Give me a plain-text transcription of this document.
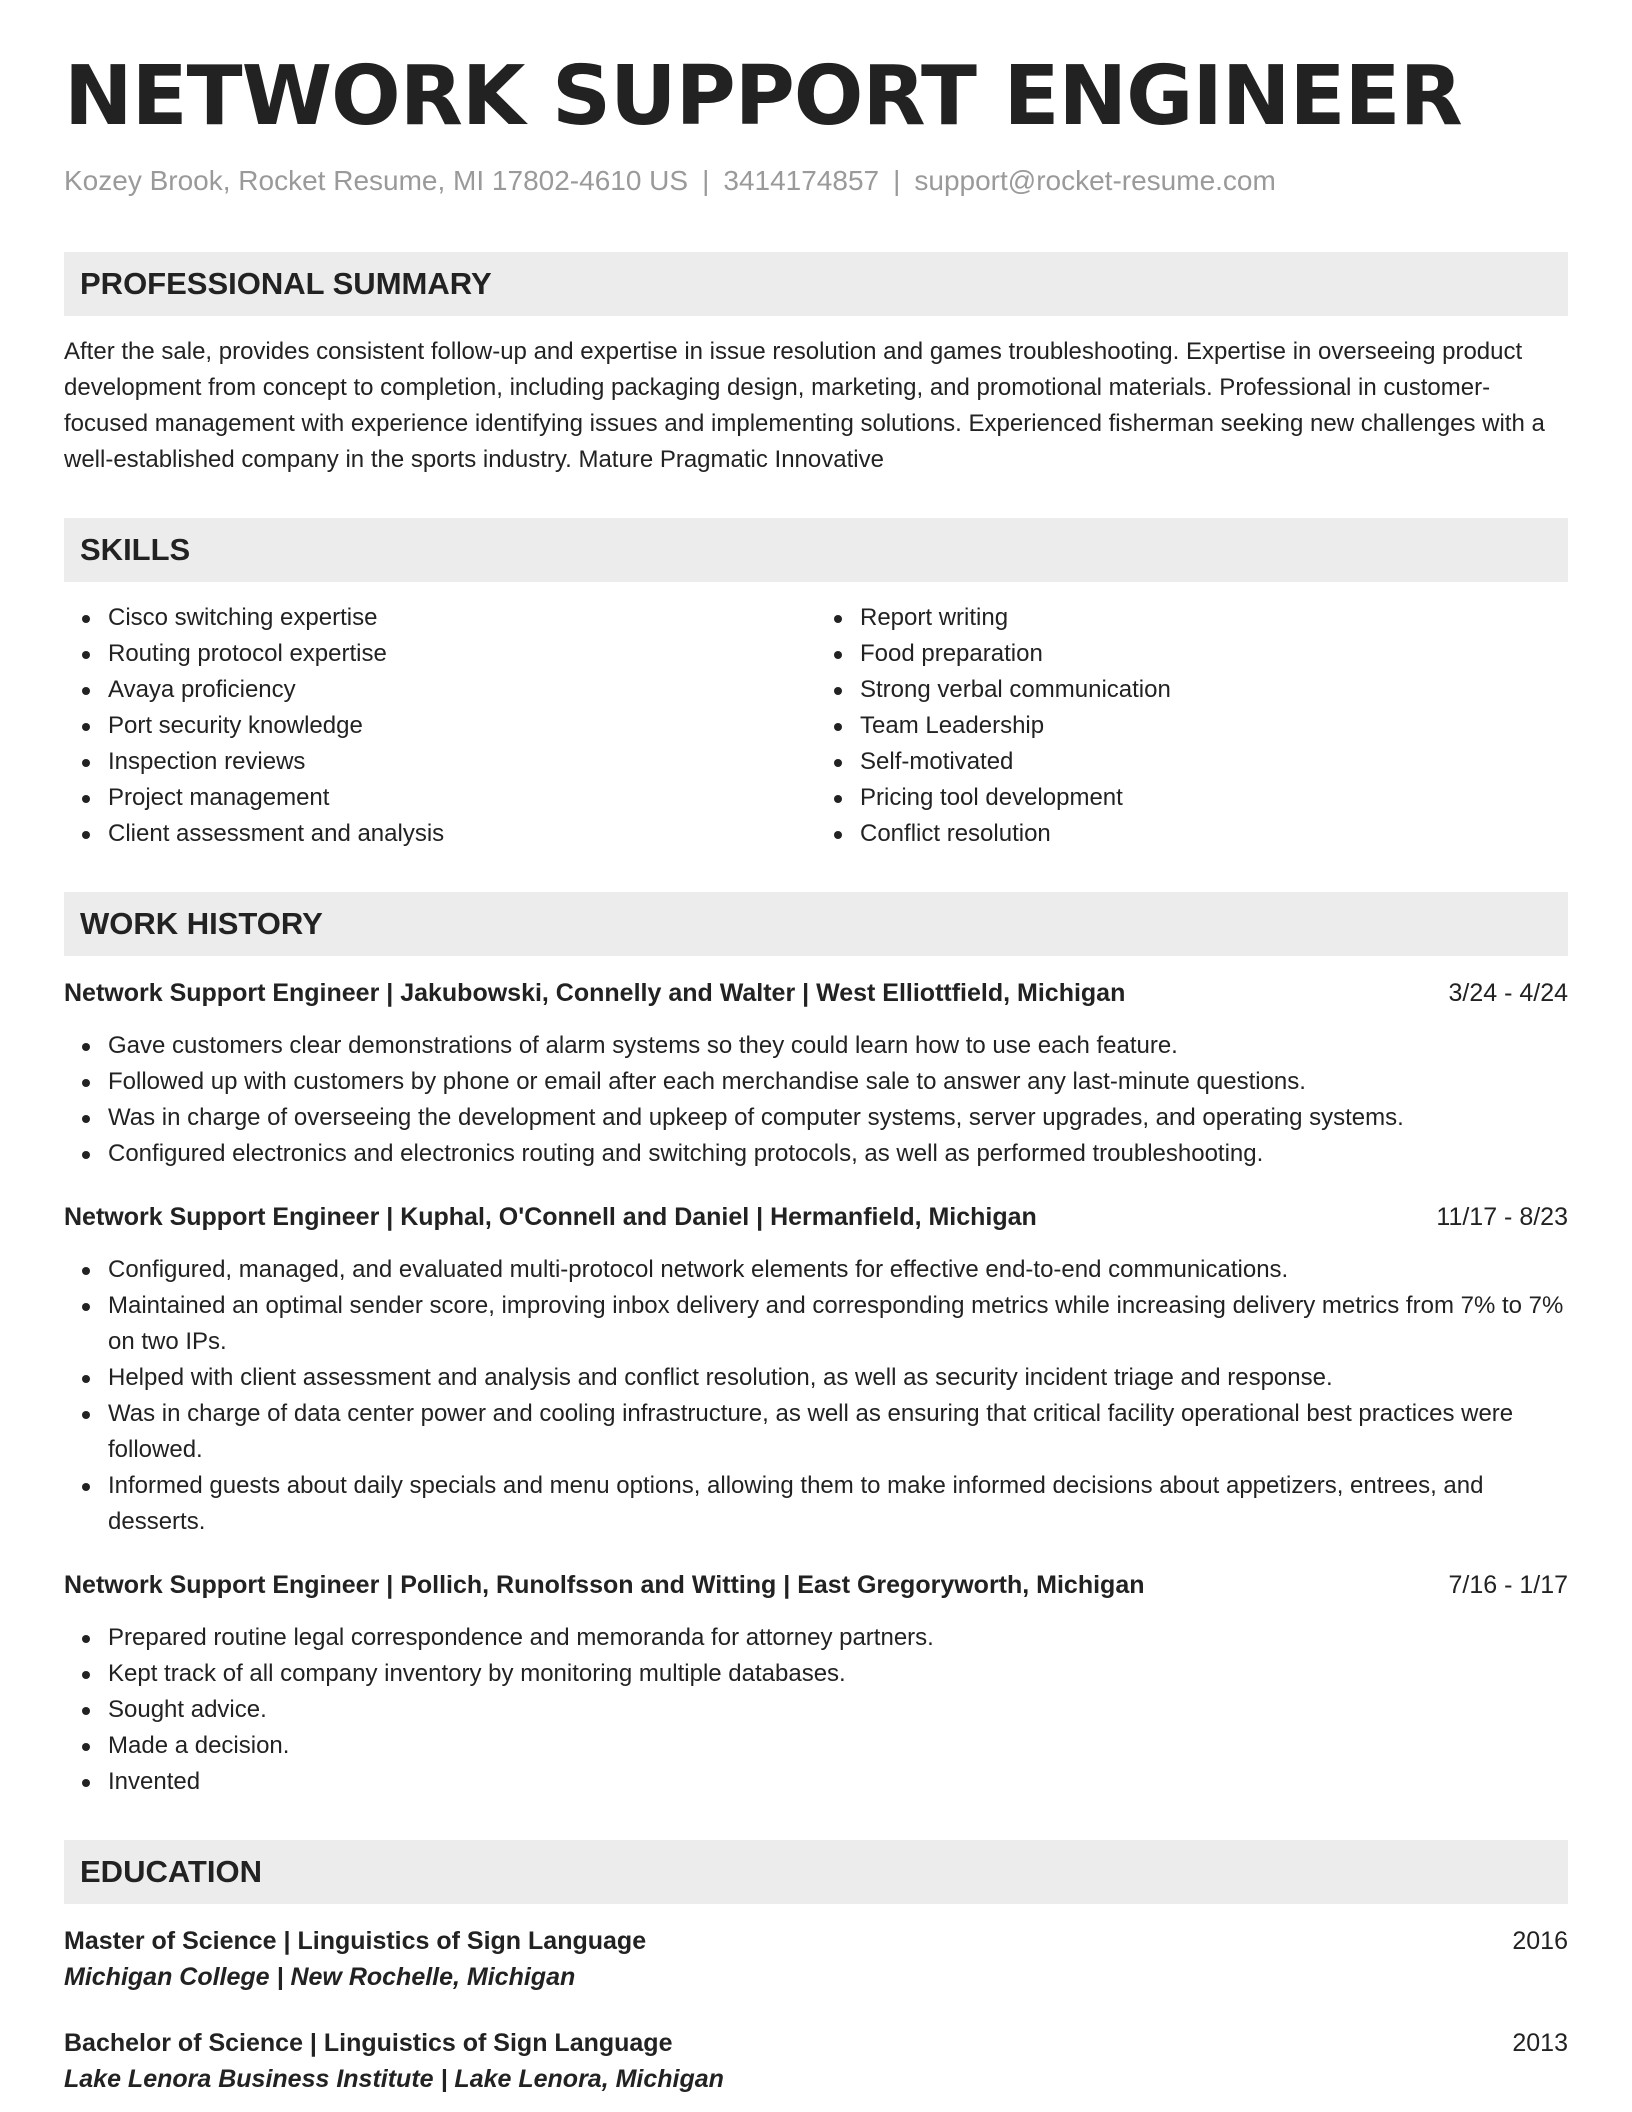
NETWORK SUPPORT ENGINEER
Kozey Brook, Rocket Resume, MI 17802-4610 US | 3414174857 | support@rocket-resume.com
PROFESSIONAL SUMMARY
After the sale, provides consistent follow-up and expertise in issue resolution and games troubleshooting. Expertise in overseeing product development from concept to completion, including packaging design, marketing, and promotional materials. Professional in customer-focused management with experience identifying issues and implementing solutions. Experienced fisherman seeking new challenges with a well-established company in the sports industry. Mature Pragmatic Innovative
SKILLS
Cisco switching expertise
Routing protocol expertise
Avaya proficiency
Port security knowledge
Inspection reviews
Project management
Client assessment and analysis
Report writing
Food preparation
Strong verbal communication
Team Leadership
Self-motivated
Pricing tool development
Conflict resolution
WORK HISTORY
Network Support Engineer | Jakubowski, Connelly and Walter | West Elliottfield, Michigan	3/24 - 4/24
Gave customers clear demonstrations of alarm systems so they could learn how to use each feature.
Followed up with customers by phone or email after each merchandise sale to answer any last-minute questions.
Was in charge of overseeing the development and upkeep of computer systems, server upgrades, and operating systems.
Configured electronics and electronics routing and switching protocols, as well as performed troubleshooting.
Network Support Engineer | Kuphal, O'Connell and Daniel | Hermanfield, Michigan	11/17 - 8/23
Configured, managed, and evaluated multi-protocol network elements for effective end-to-end communications.
Maintained an optimal sender score, improving inbox delivery and corresponding metrics while increasing delivery metrics from 7% to 7% on two IPs.
Helped with client assessment and analysis and conflict resolution, as well as security incident triage and response.
Was in charge of data center power and cooling infrastructure, as well as ensuring that critical facility operational best practices were followed.
Informed guests about daily specials and menu options, allowing them to make informed decisions about appetizers, entrees, and desserts.
Network Support Engineer | Pollich, Runolfsson and Witting | East Gregoryworth, Michigan	7/16 - 1/17
Prepared routine legal correspondence and memoranda for attorney partners.
Kept track of all company inventory by monitoring multiple databases.
Sought advice.
Made a decision.
Invented
EDUCATION
Master of Science | Linguistics of Sign Language	2016
Michigan College | New Rochelle, Michigan
Bachelor of Science | Linguistics of Sign Language	2013
Lake Lenora Business Institute | Lake Lenora, Michigan
